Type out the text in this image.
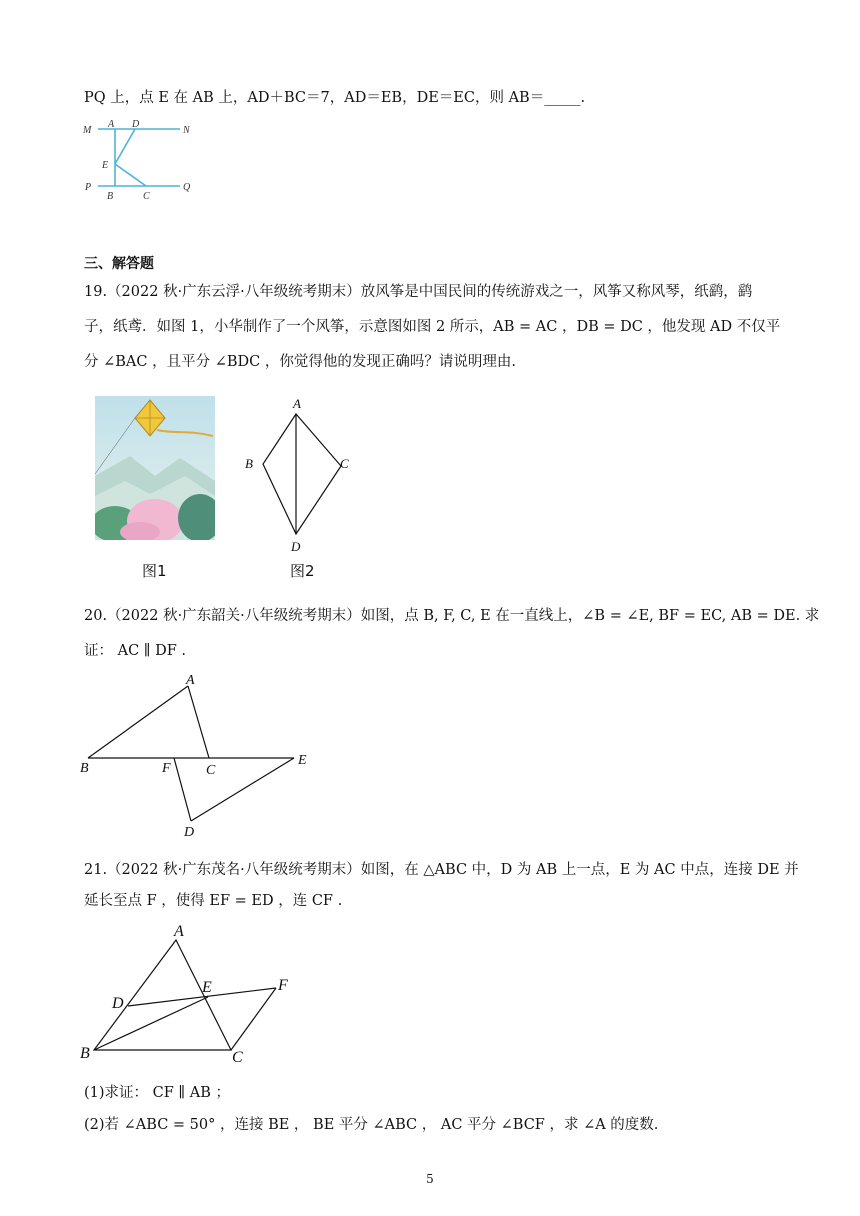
PQ 上，点 E 在 AB 上，AD＋BC＝7，AD＝EB，DE＝EC，则 AB＝_____.
M
A D
N
E
P
B	C
Q
三、解答题
19.（2022 秋·广东云浮·八年级统考期末）放风筝是中国民间的传统游戏之一，风筝又称风琴，纸鹞，鹞
子，纸鸢．如图 1，小华制作了一个风筝，示意图如图 2 所示，AB = AC ，DB = DC ，他发现 AD 不仅平
分 ∠BAC ，且平分 ∠BDC ，你觉得他的发现正确吗？请说明理由.
图1
A
B	C
D
图2
20.（2022 秋·广东韶关·八年级统考期末）如图，点 B, F, C, E 在一直线上，∠B = ∠E, BF = EC, AB = DE. 求
证： AC ∥ DF .
A
B	F	C
E
D
21.（2022 秋·广东茂名·八年级统考期末）如图，在 △ABC 中，D 为 AB 上一点，E 为 AC 中点，连接 DE 并
延长至点 F ，使得 EF = ED ，连 CF .
A
D
E	F
B	C
(1)求证： CF ∥ AB ；
(2)若 ∠ABC = 50° ，连接 BE ， BE 平分 ∠ABC ， AC 平分 ∠BCF ，求 ∠A 的度数.
5
